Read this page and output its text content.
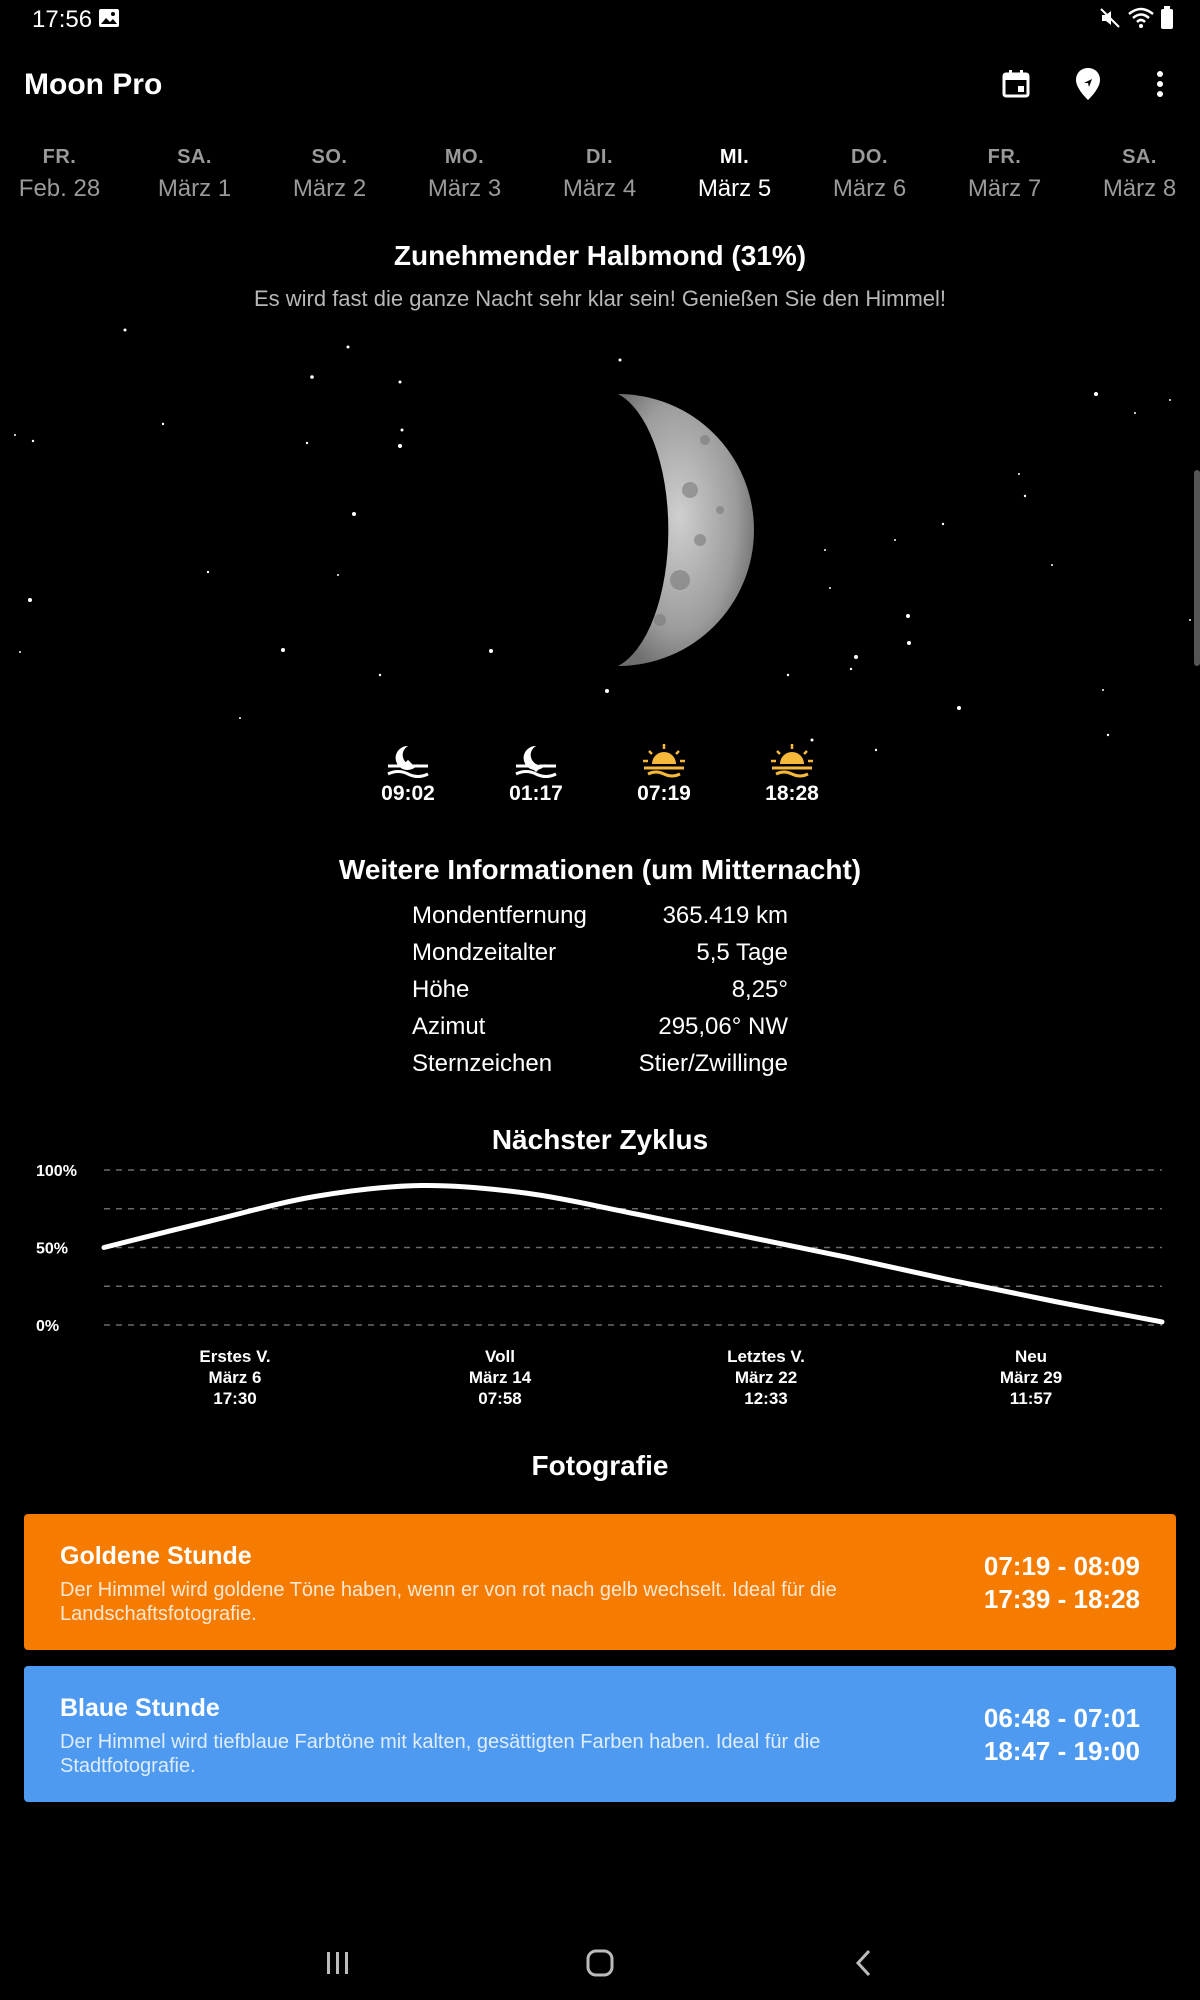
17:56
Moon Pro
FR.
Feb. 28
SA.
März 1
SO.
März 2
MO.
März 3
DI.
März 4
MI.
März 5
DO.
März 6
FR.
März 7
SA.
März 8
Zunehmender Halbmond (31%)
Es wird fast die ganze Nacht sehr klar sein! Genießen Sie den Himmel!
09:02	01:17	07:19	18:28
Weitere Informationen (um Mitternacht)
Mondentfernung	365.419 km
Mondzeitalter	5,5 Tage
Höhe	8,25°
Azimut	295,06° NW
Sternzeichen	Stier/Zwillinge
Nächster Zyklus
100%
50%
0%
Erstes V.
März 6
17:30
Voll
März 14
07:58
Letztes V.
März 22
12:33
Neu
März 29
11:57
Fotografie
Goldene Stunde
Der Himmel wird goldene Töne haben, wenn er von rot nach gelb wechselt. Ideal für die Landschaftsfotografie.
07:19 - 08:09
17:39 - 18:28
Blaue Stunde
Der Himmel wird tiefblaue Farbtöne mit kalten, gesättigten Farben haben. Ideal für die Stadtfotografie.
06:48 - 07:01
18:47 - 19:00
